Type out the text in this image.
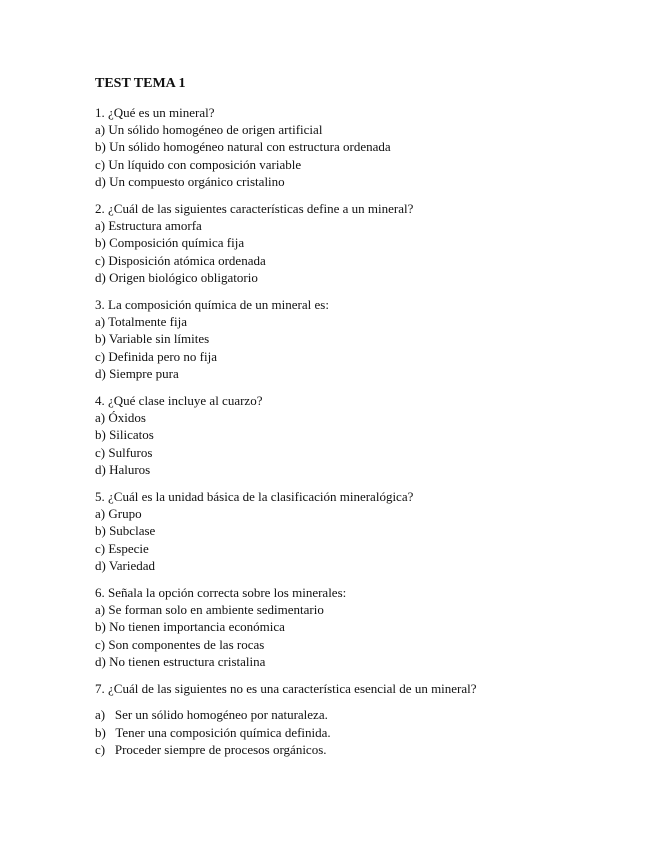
TEST TEMA 1
1. ¿Qué es un mineral?
a) Un sólido homogéneo de origen artificial
b) Un sólido homogéneo natural con estructura ordenada
c) Un líquido con composición variable
d) Un compuesto orgánico cristalino
2. ¿Cuál de las siguientes características define a un mineral?
a) Estructura amorfa
b) Composición química fija
c) Disposición atómica ordenada
d) Origen biológico obligatorio
3. La composición química de un mineral es:
a) Totalmente fija
b) Variable sin límites
c) Definida pero no fija
d) Siempre pura
4. ¿Qué clase incluye al cuarzo?
a) Óxidos
b) Silicatos
c) Sulfuros
d) Haluros
5. ¿Cuál es la unidad básica de la clasificación mineralógica?
a) Grupo
b) Subclase
c) Especie
d) Variedad
6. Señala la opción correcta sobre los minerales:
a) Se forman solo en ambiente sedimentario
b) No tienen importancia económica
c) Son componentes de las rocas
d) No tienen estructura cristalina
7. ¿Cuál de las siguientes no es una característica esencial de un mineral?
a)   Ser un sólido homogéneo por naturaleza.
b)   Tener una composición química definida.
c)   Proceder siempre de procesos orgánicos.
